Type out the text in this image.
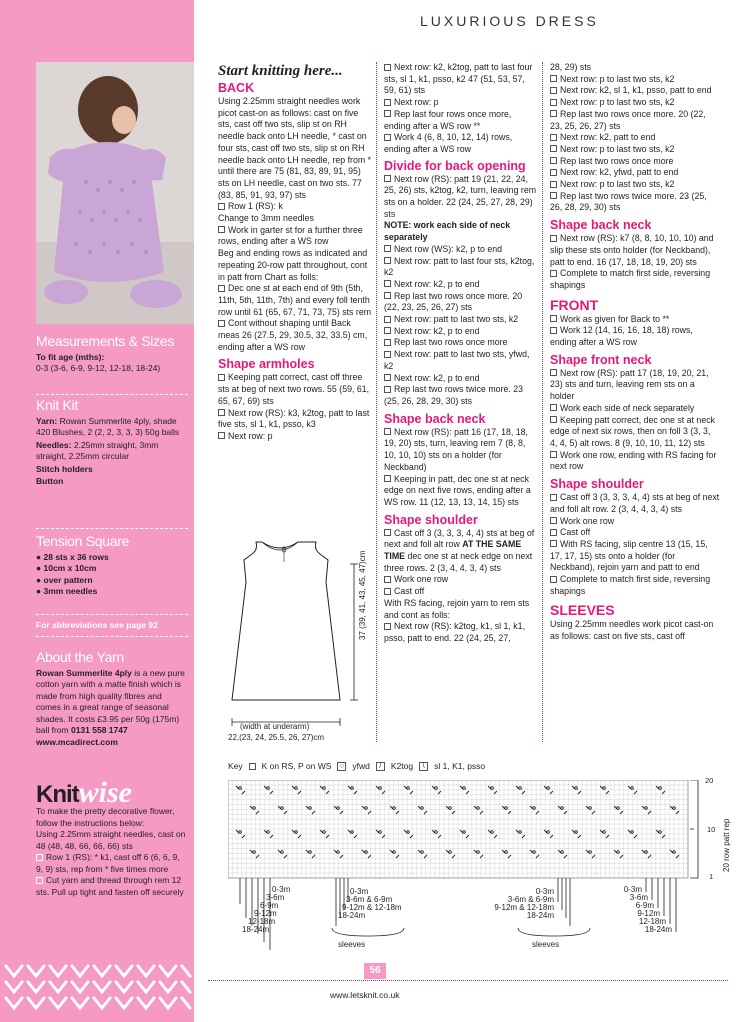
Measurements & Sizes
To fit age (mths):
0-3 (3-6, 6-9, 9-12, 12-18, 18-24)
Knit Kit
Yarn: Rowan Summerlite 4ply, shade 420 Blushes, 2 (2, 2, 3, 3, 3) 50g balls
Needles: 2.25mm straight, 3mm straight, 2.25mm circular
Stitch holders
Button
Tension Square
● 28 sts x 36 rows
● 10cm x 10cm
● over pattern
● 3mm needles
For abbreviations see page 92
About the Yarn
Rowan Summerlite 4ply is a new pure cotton yarn with a matte finish which is made from high quality fibres and comes in a great range of seasonal shades. It costs £3.95 per 50g (175m) ball from 0131 558 1747 www.mcadirect.com
Knitwise
To make the pretty decorative flower, follow the instructions below:
Using 2.25mm straight needles, cast on 48 (48, 48, 66, 66, 66) sts
Row 1 (RS): * k1, cast off 6 (6, 6, 9, 9, 9) sts, rep from * five times more
Cut yarn and thread through rem 12 sts. Pull up tight and fasten off securely
LUXURIOUS DRESS
Start knitting here...
BACK

Using 2.25mm straight needles work picot cast-on as follows: cast on five sts, cast off two sts, slip st on RH needle back onto LH needle, * cast on four sts, cast off two sts, slip st on RH needle back onto LH needle, rep from * until there are 75 (81, 83, 89, 91, 95) sts on LH needle, cast on two sts. 77 (83, 85, 91, 93, 97) sts

Row 1 (RS): k

Change to 3mm needles

Work in garter st for a further three rows, ending after a WS row

Beg and ending rows as indicated and repeating 20-row patt throughout, cont in patt from Chart as folls:

Dec one st at each end of 9th (5th, 11th, 5th, 11th, 7th) and every foll tenth row until 61 (65, 67, 71, 73, 75) sts rem

Cont without shaping until Back meas 26 (27.5, 29, 30.5, 32, 33.5) cm, ending after a WS row

Shape armholes

Keeping patt correct, cast off three sts at beg of next two rows. 55 (59, 61, 65, 67, 69) sts

Next row (RS): k3, k2tog, patt to last five sts, sl 1, k1, psso, k3

Next row: p

37 (39, 41, 43, 45, 47)cm
(width at underarm)
22,(23, 24, 25.5, 26, 27)cm

Next row: k2, k2tog, patt to last four sts, sl 1, k1, psso, k2 47 (51, 53, 57, 59, 61) sts

Next row: p

Rep last four rows once more, ending after a WS row **

Work 4 (6, 8, 10, 12, 14) rows, ending after a WS row

Divide for back opening

Next row (RS): patt 19 (21, 22, 24, 25, 26) sts, k2tog, k2, turn, leaving rem sts on a holder. 22 (24, 25, 27, 28, 29) sts

NOTE: work each side of neck separately

Next row (WS): k2, p to end

Next row: patt to last four sts, k2tog, k2

Next row: k2, p to end

Rep last two rows once more. 20 (22, 23, 25, 26, 27) sts

Next row: patt to last two sts, k2

Next row: k2, p to end

Rep last two rows once more

Next row: patt to last two sts, yfwd, k2

Next row: k2, p to end

Rep last two rows twice more. 23 (25, 26, 28, 29, 30) sts

Shape back neck

Next row (RS): patt 16 (17, 18, 18, 19, 20) sts, turn, leaving rem 7 (8, 8, 10, 10, 10) sts on a holder (for Neckband)

Keeping in patt, dec one st at neck edge on next five rows, ending after a WS row. 11 (12, 13, 13, 14, 15) sts

Shape shoulder

Cast off 3 (3, 3, 3, 4, 4) sts at beg of next and foll alt row AT THE SAME TIME dec one st at neck edge on next three rows. 2 (3, 4, 4, 3, 4) sts

Work one row

Cast off

With RS facing, rejoin yarn to rem sts and cont as folls:

Next row (RS): k2tog, k1, sl 1, k1, psso, patt to end. 22 (24, 25, 27,

28, 29) sts

Next row: p to last two sts, k2

Next row: k2, sl 1, k1, psso, patt to end

Next row: p to last two sts, k2

Rep last two rows once more. 20 (22, 23, 25, 26, 27) sts

Next row: k2, patt to end

Next row: p to last two sts, k2

Rep last two rows once more

Next row: k2, yfwd, patt to end

Next row: p to last two sts, k2

Rep last two rows twice more. 23 (25, 26, 28, 29, 30) sts

Shape back neck

Next row (RS): k7 (8, 8, 10, 10, 10) and slip these sts onto holder (for Neckband), patt to end. 16 (17, 18, 18, 19, 20) sts

Complete to match first side, reversing shapings

FRONT

Work as given for Back to **

Work 12 (14, 16, 16, 18, 18) rows, ending after a WS row

Shape front neck

Next row (RS): patt 17 (18, 19, 20, 21, 23) sts and turn, leaving rem sts on a holder

Work each side of neck separately

Keeping patt correct, dec one st at neck edge of next six rows, then on foll 3 (3, 3, 4, 4, 5) alt rows. 8 (9, 10, 10, 11, 12) sts

Work one row, ending with RS facing for next row

Shape shoulder

Cast off 3 (3, 3, 3, 4, 4) sts at beg of next and foll alt row. 2 (3, 4, 4, 3, 4) sts

Work one row

Cast off

With RS facing, slip centre 13 (15, 15, 17, 17, 15) sts onto a holder (for Neckband), rejoin yarn and patt to end

Complete to match first side, reversing shapings

SLEEVES

Using 2.25mm needles work picot cast-on as follows: cast on five sts, cast off

Key K on RS, P on WS	○ yfwd	/	K2tog	\	sl 1, K1, psso
20
10
1
20 row patt rep
0-3m
3-6m
6-9m
9-12m
12-18m
18-24m
0-3m
3-6m & 6-9m
9-12m & 12-18m
18-24m
0-3m
3-6m & 6-9m
9-12m & 12-18m
18-24m
0-3m
3-6m
6-9m
9-12m
12-18m
18-24m
sleeves	sleeves
56
www.letsknit.co.uk
